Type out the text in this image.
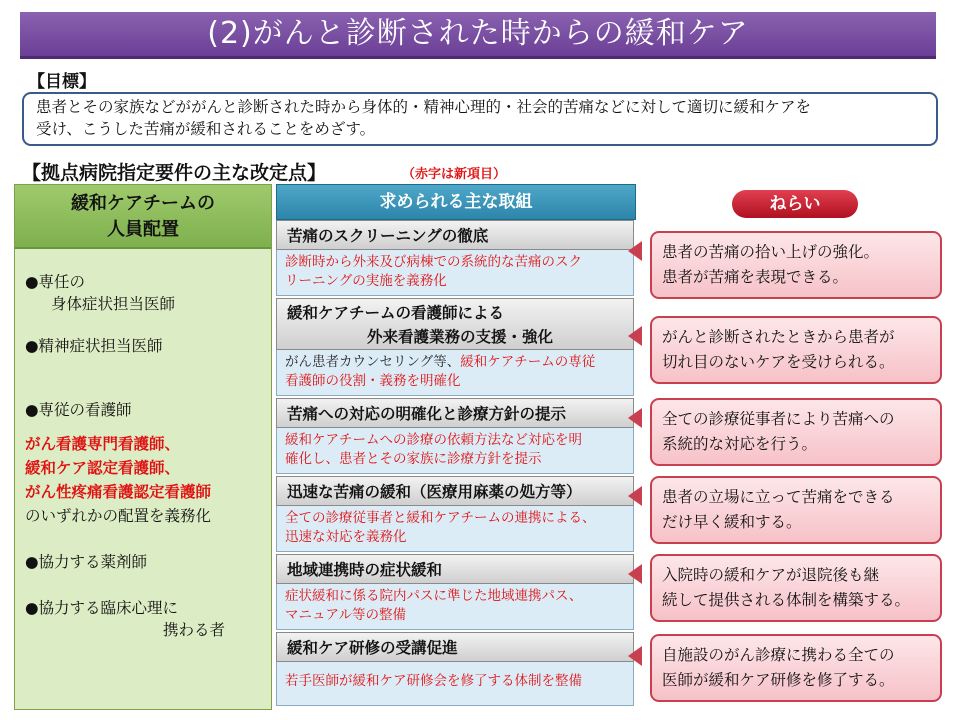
(2)がんと診断された時からの緩和ケア
【目標】
患者とその家族などががんと診断された時から身体的・精神心理的・社会的苦痛などに対して適切に緩和ケアを
受け、こうした苦痛が緩和されることをめざす。
【拠点病院指定要件の主な改定点】	（赤字は新項目）
緩和ケアチームの
人員配置
●専任の
身体症状担当医師
●精神症状担当医師
●専従の看護師
がん看護専門看護師、
緩和ケア認定看護師、
がん性疼痛看護認定看護師
のいずれかの配置を義務化
●協力する薬剤師
●協力する臨床心理に
携わる者
求められる主な取組
苦痛のスクリーニングの徹底
診断時から外来及び病棟での系統的な苦痛のスク
リーニングの実施を義務化
緩和ケアチームの看護師による
外来看護業務の支援・強化
がん患者カウンセリング等、緩和ケアチームの専従
看護師の役割・義務を明確化
苦痛への対応の明確化と診療方針の提示
緩和ケアチームへの診療の依頼方法など対応を明
確化し、患者とその家族に診療方針を提示
迅速な苦痛の緩和（医療用麻薬の処方等）
全ての診療従事者と緩和ケアチームの連携による、
迅速な対応を義務化
地域連携時の症状緩和
症状緩和に係る院内パスに準じた地域連携パス、
マニュアル等の整備
緩和ケア研修の受講促進
若手医師が緩和ケア研修会を修了する体制を整備
ねらい
患者の苦痛の拾い上げの強化。
患者が苦痛を表現できる。
がんと診断されたときから患者が
切れ目のないケアを受けられる。
全ての診療従事者により苦痛への
系統的な対応を行う。
患者の立場に立って苦痛をできる
だけ早く緩和する。
入院時の緩和ケアが退院後も継
続して提供される体制を構築する。
自施設のがん診療に携わる全ての
医師が緩和ケア研修を修了する。
